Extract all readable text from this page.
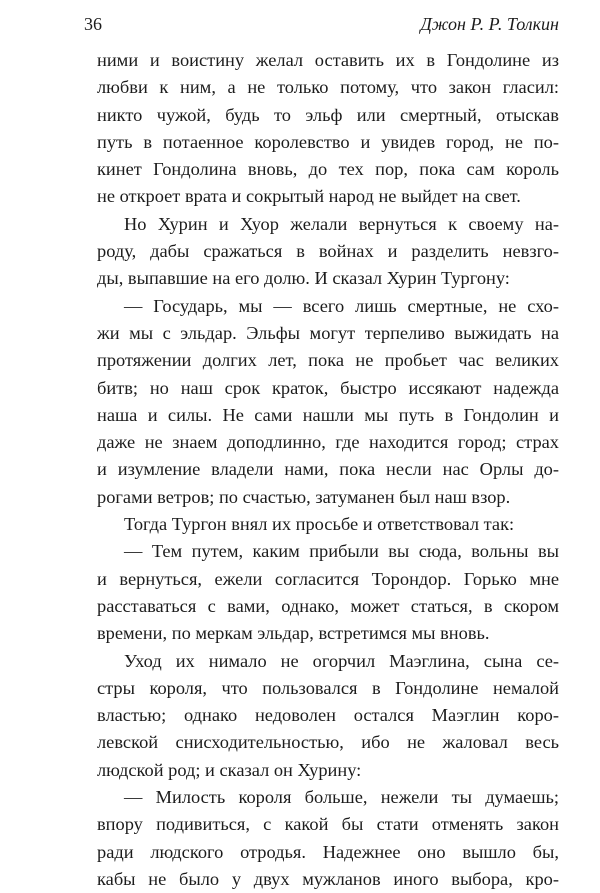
36	Джон Р. Р. Толкин
ними и воистину желал оставить их в Гондолине из
любви к ним, а не только потому, что закон гласил:
никто чужой, будь то эльф или смертный, отыскав
путь в потаенное королевство и увидев город, не по-
кинет Гондолина вновь, до тех пор, пока сам король
не откроет врата и сокрытый народ не выйдет на свет.
Но Хурин и Хуор желали вернуться к своему на-
роду, дабы сражаться в войнах и разделить невзго-
ды, выпавшие на его долю. И сказал Хурин Тургону:
— Государь, мы — всего лишь смертные, не схо-
жи мы с эльдар. Эльфы могут терпеливо выжидать на
протяжении долгих лет, пока не пробьет час великих
битв; но наш срок краток, быстро иссякают надежда
наша и силы. Не сами нашли мы путь в Гондолин и
даже не знаем доподлинно, где находится город; страх
и изумление владели нами, пока несли нас Орлы до-
рогами ветров; по счастью, затуманен был наш взор.
Тогда Тургон внял их просьбе и ответствовал так:
— Тем путем, каким прибыли вы сюда, вольны вы
и вернуться, ежели согласится Торондор. Горько мне
расставаться с вами, однако, может статься, в скором
времени, по меркам эльдар, встретимся мы вновь.
Уход их нимало не огорчил Маэглина, сына се-
стры короля, что пользовался в Гондолине немалой
властью; однако недоволен остался Маэглин коро-
левской снисходительностью, ибо не жаловал весь
людской род; и сказал он Хурину:
— Милость короля больше, нежели ты думаешь;
впору подивиться, с какой бы стати отменять закон
ради людского отродья. Надежнее оно вышло бы,
кабы не было у двух мужланов иного выбора, кро-
